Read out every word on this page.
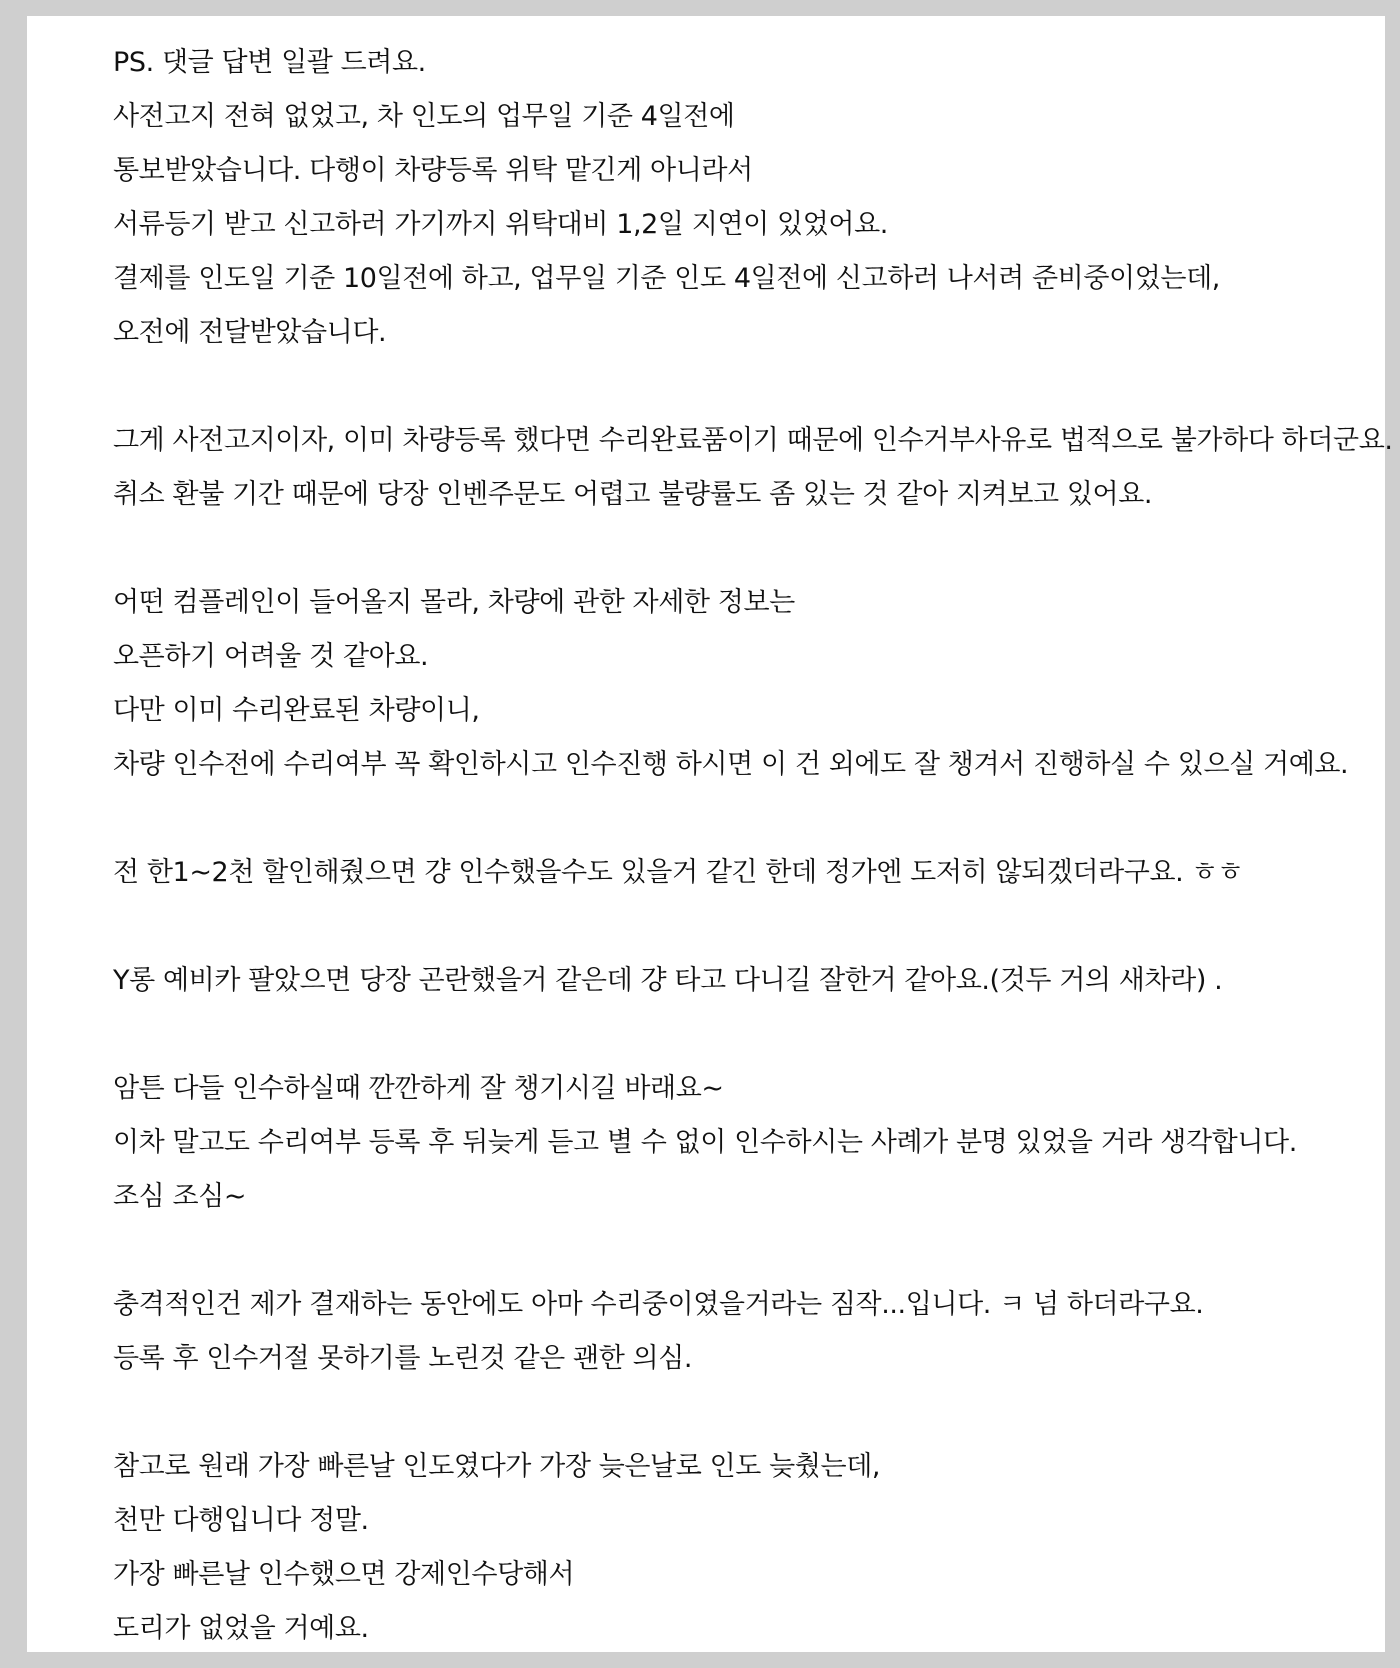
PS. 댓글 답변 일괄 드려요.
사전고지 전혀 없었고, 차 인도의 업무일 기준 4일전에
통보받았습니다. 다행이 차량등록 위탁 맡긴게 아니라서
서류등기 받고 신고하러 가기까지 위탁대비 1,2일 지연이 있었어요.
결제를 인도일 기준 10일전에 하고, 업무일 기준 인도 4일전에 신고하러 나서려 준비중이었는데,
오전에 전달받았습니다.
그게 사전고지이자, 이미 차량등록 했다면 수리완료품이기 때문에 인수거부사유로 법적으로 불가하다 하더군요.
취소 환불 기간 때문에 당장 인벤주문도 어렵고 불량률도 좀 있는 것 같아 지켜보고 있어요.
어떤 컴플레인이 들어올지 몰라, 차량에 관한 자세한 정보는
오픈하기 어려울 것 같아요.
다만 이미 수리완료된 차량이니,
차량 인수전에 수리여부 꼭 확인하시고 인수진행 하시면 이 건 외에도 잘 챙겨서 진행하실 수 있으실 거예요.
전 한1~2천 할인해줬으면 걍 인수했을수도 있을거 같긴 한데 정가엔 도저히 않되겠더라구요. ㅎㅎ
Y롱 예비카 팔았으면 당장 곤란했을거 같은데 걍 타고 다니길 잘한거 같아요.(것두 거의 새차라) .
암튼 다들 인수하실때 깐깐하게 잘 챙기시길 바래요~
이차 말고도 수리여부 등록 후 뒤늦게 듣고 별 수 없이 인수하시는 사례가 분명 있었을 거라 생각합니다.
조심 조심~
충격적인건 제가 결재하는 동안에도 아마 수리중이였을거라는 짐작...입니다. ㅋ 넘 하더라구요.
등록 후 인수거절 못하기를 노린것 같은 괜한 의심.
참고로 원래 가장 빠른날 인도였다가 가장 늦은날로 인도 늦췄는데,
천만 다행입니다 정말.
가장 빠른날 인수했으면 강제인수당해서
도리가 없었을 거예요.
